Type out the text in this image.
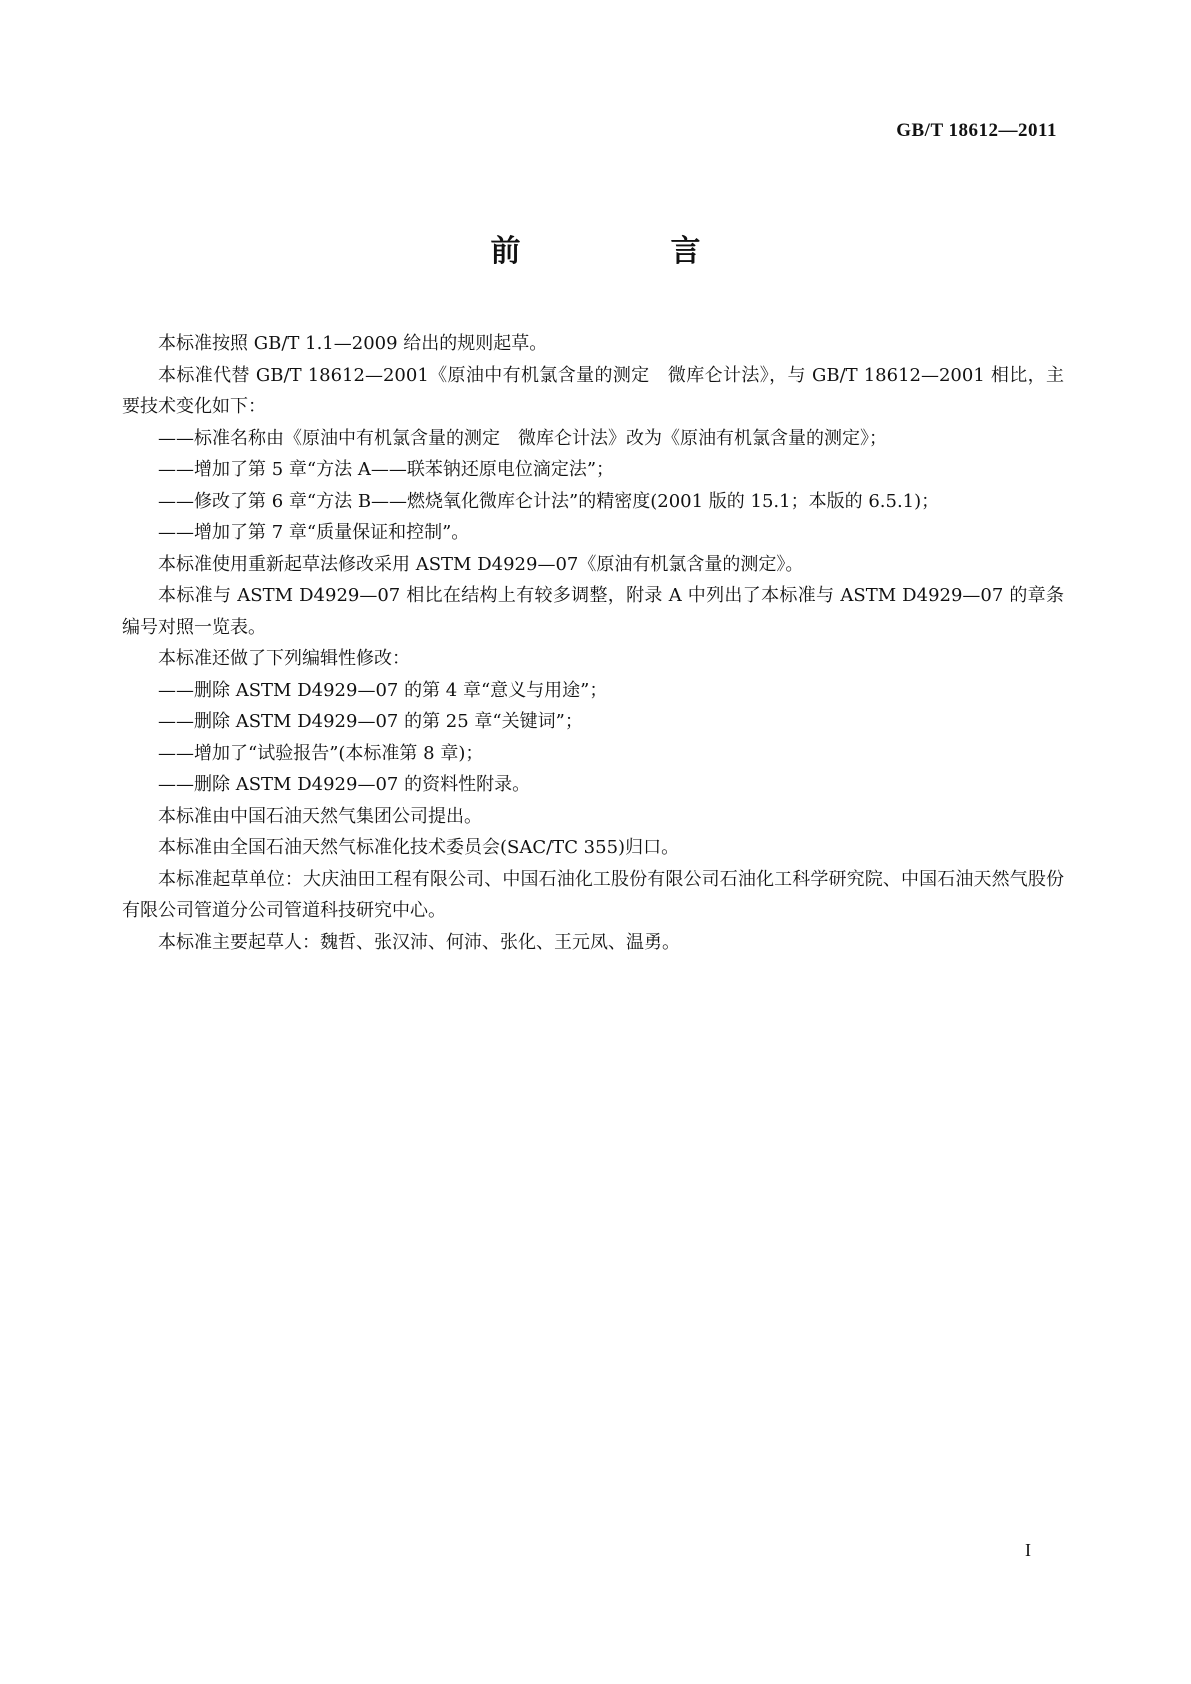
GB/T 18612—2011
前　言

本标准按照 GB/T 1.1—2009 给出的规则起草。

本标准代替 GB/T 18612—2001《原油中有机氯含量的测定　微库仑计法》，与 GB/T 18612—2001 相比，主要技术变化如下：

——标准名称由《原油中有机氯含量的测定　微库仑计法》改为《原油有机氯含量的测定》；

——增加了第 5 章“方法 A——联苯钠还原电位滴定法”；

——修改了第 6 章“方法 B——燃烧氧化微库仑计法”的精密度(2001 版的 15.1；本版的 6.5.1)；

——增加了第 7 章“质量保证和控制”。

本标准使用重新起草法修改采用 ASTM D4929—07《原油有机氯含量的测定》。

本标准与 ASTM D4929—07 相比在结构上有较多调整，附录 A 中列出了本标准与 ASTM D4929—07 的章条编号对照一览表。

本标准还做了下列编辑性修改：

——删除 ASTM D4929—07 的第 4 章“意义与用途”；

——删除 ASTM D4929—07 的第 25 章“关键词”；

——增加了“试验报告”(本标准第 8 章)；

——删除 ASTM D4929—07 的资料性附录。

本标准由中国石油天然气集团公司提出。

本标准由全国石油天然气标准化技术委员会(SAC/TC 355)归口。

本标准起草单位：大庆油田工程有限公司、中国石油化工股份有限公司石油化工科学研究院、中国石油天然气股份有限公司管道分公司管道科技研究中心。

本标准主要起草人：魏哲、张汉沛、何沛、张化、王元凤、温勇。

I
